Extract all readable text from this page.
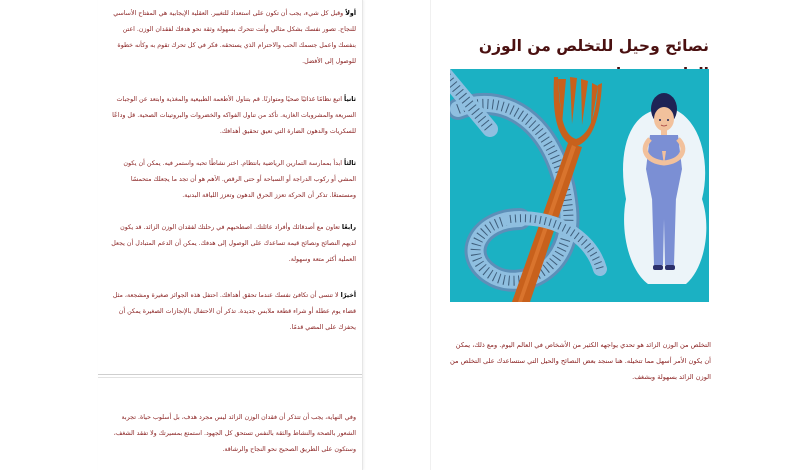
أولاً وقبل كل شيء، يجب أن تكون على استعداد للتغيير. العقلية الإيجابية هي المفتاح الأساسي للنجاح. تصور نفسك بشكل مثالي وأنت تتحرك بسهولة وثقة نحو هدفك لفقدان الوزن. اعتن بنفسك واعمل جسمك الحب والاحترام الذي يستحقه. فكر في كل تحرك تقوم به وكأنه خطوة للوصول إلى الأفضل.

ثانياً اتبع نظامًا غذائيًا صحيًا ومتوازنًا. قم بتناول الأطعمة الطبيعية والمغذية وابتعد عن الوجبات السريعة والمشروبات الغازية. تأكد من تناول الفواكه والخضروات والبروتينات الصحية. قل وداعًا للسكريات والدهون الضارة التي تعيق تحقيق أهدافك.

ثالثاً ابدأ بممارسة التمارين الرياضية بانتظام. اختر نشاطًا تحبه واستمر فيه. يمكن أن يكون المشي أو ركوب الدراجة أو السباحة أو حتى الرقص. الأهم هو أن تجد ما يجعلك متحمسًا ومستمتعًا. تذكر أن الحركة تعزز الحرق الدهون وتعزز اللياقة البدنية.

رابعًا تعاون مع أصدقائك وأفراد عائلتك. اصطحبهم في رحلتك لفقدان الوزن الزائد. قد يكون لديهم النصائح ونصائح قيمة تساعدك على الوصول إلى هدفك. يمكن أن الدعم المتبادل أن يجعل العملية أكثر متعة وسهولة.

أخيرًا لا تنسى أن تكافئ نفسك عندما تحقق أهدافك. احتفل هذه الجوائز صغيرة ومشجعة، مثل قضاء يوم عطلة أو شراء قطعة ملابس جديدة. تذكر أن الاحتفال بالإنجازات الصغيرة يمكن أن يحفزك على المضي قدمًا.

وفي النهاية، يجب أن تتذكر أن فقدان الوزن الزائد ليس مجرد هدف، بل أسلوب حياة. تجربة الشعور بالصحة والنشاط والثقة بالنفس تستحق كل الجهود. استمتع بمسيرتك ولا تفقد الشغف، وستكون على الطريق الصحيح نحو النجاح والرشاقة.

نصائح وحيل للتخلص من الوزن

التخلص من الوزن الزائد هو تحدي يواجهه الكثير من الأشخاص في العالم اليوم. ومع ذلك، يمكن أن يكون الأمر أسهل مما تتخيله. هنا سنجد بعض النصائح والحيل التي ستساعدك على التخلص من الوزن الزائد بسهولة وبشغف.
